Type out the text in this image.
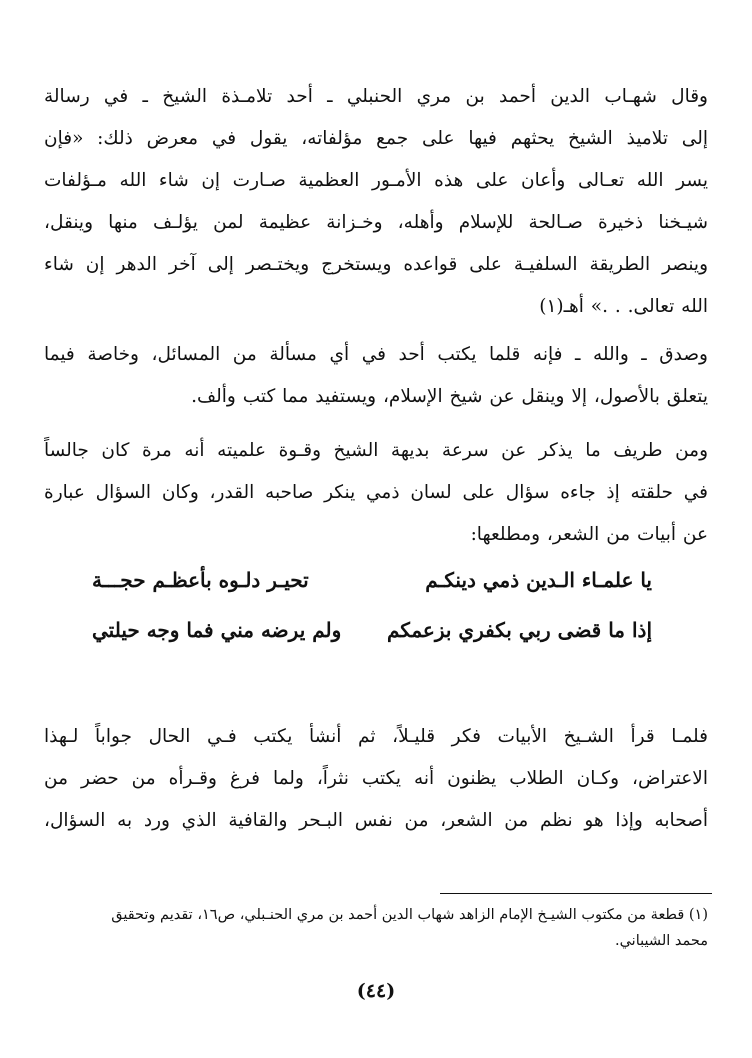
وقال شهـاب الدين أحمد بن مري الحنبلي ـ أحد تلامـذة الشيخ ـ في رسالة
إلى تلاميذ الشيخ يحثهم فيها على جمع مؤلفاته، يقول في معرض ذلك: «فإن
يسر الله تعـالى وأعان على هذه الأمـور العظمية صـارت إن شاء الله مـؤلفات
شيـخنا ذخيرة صـالحة للإسلام وأهله، وخـزانة عظيمة لمن يؤلـف منها وينقل،
وينصر الطريقة السلفيـة على قواعده ويستخرج ويختـصر إلى آخر الدهر إن شاء
الله تعالى. . .» أهـ(١)
وصدق ـ والله ـ فإنه قلما يكتب أحد في أي مسألة من المسائل، وخاصة فيما
يتعلق بالأصول، إلا وينقل عن شيخ الإسلام، ويستفيد مما كتب وألف.
ومن طريف ما يذكر عن سرعة بديهة الشيخ وقـوة علميته أنه مرة كان جالساً
في حلقته إذ جاءه سؤال على لسان ذمي ينكر صاحبه القدر، وكان السؤال عبارة
عن أبيات من الشعر، ومطلعها:
يا علمـاء الـدين ذمي دينكـم
تحيـر دلـوه بأعظـم حجـــة
إذا ما قضى ربي بكفري بزعمكم
ولم يرضه مني فما وجه حيلتي
فلمـا قرأ الشـيخ الأبيات فكر قليـلاً، ثم أنشأ يكتب فـي الحال جواباً لـهذا
الاعتراض، وكـان الطلاب يظنون أنه يكتب نثراً، ولما فرغ وقـرأه من حضر من
أصحابه وإذا هو نظم من الشعر، من نفس البـحر والقافية الذي ورد به السؤال،
(١) قطعة من مكتوب الشيـخ الإمام الزاهد شهاب الدين أحمد بن مري الحنـبلي، ص١٦، تقديم وتحقيق
محمد الشيباني.
(٤٤)
